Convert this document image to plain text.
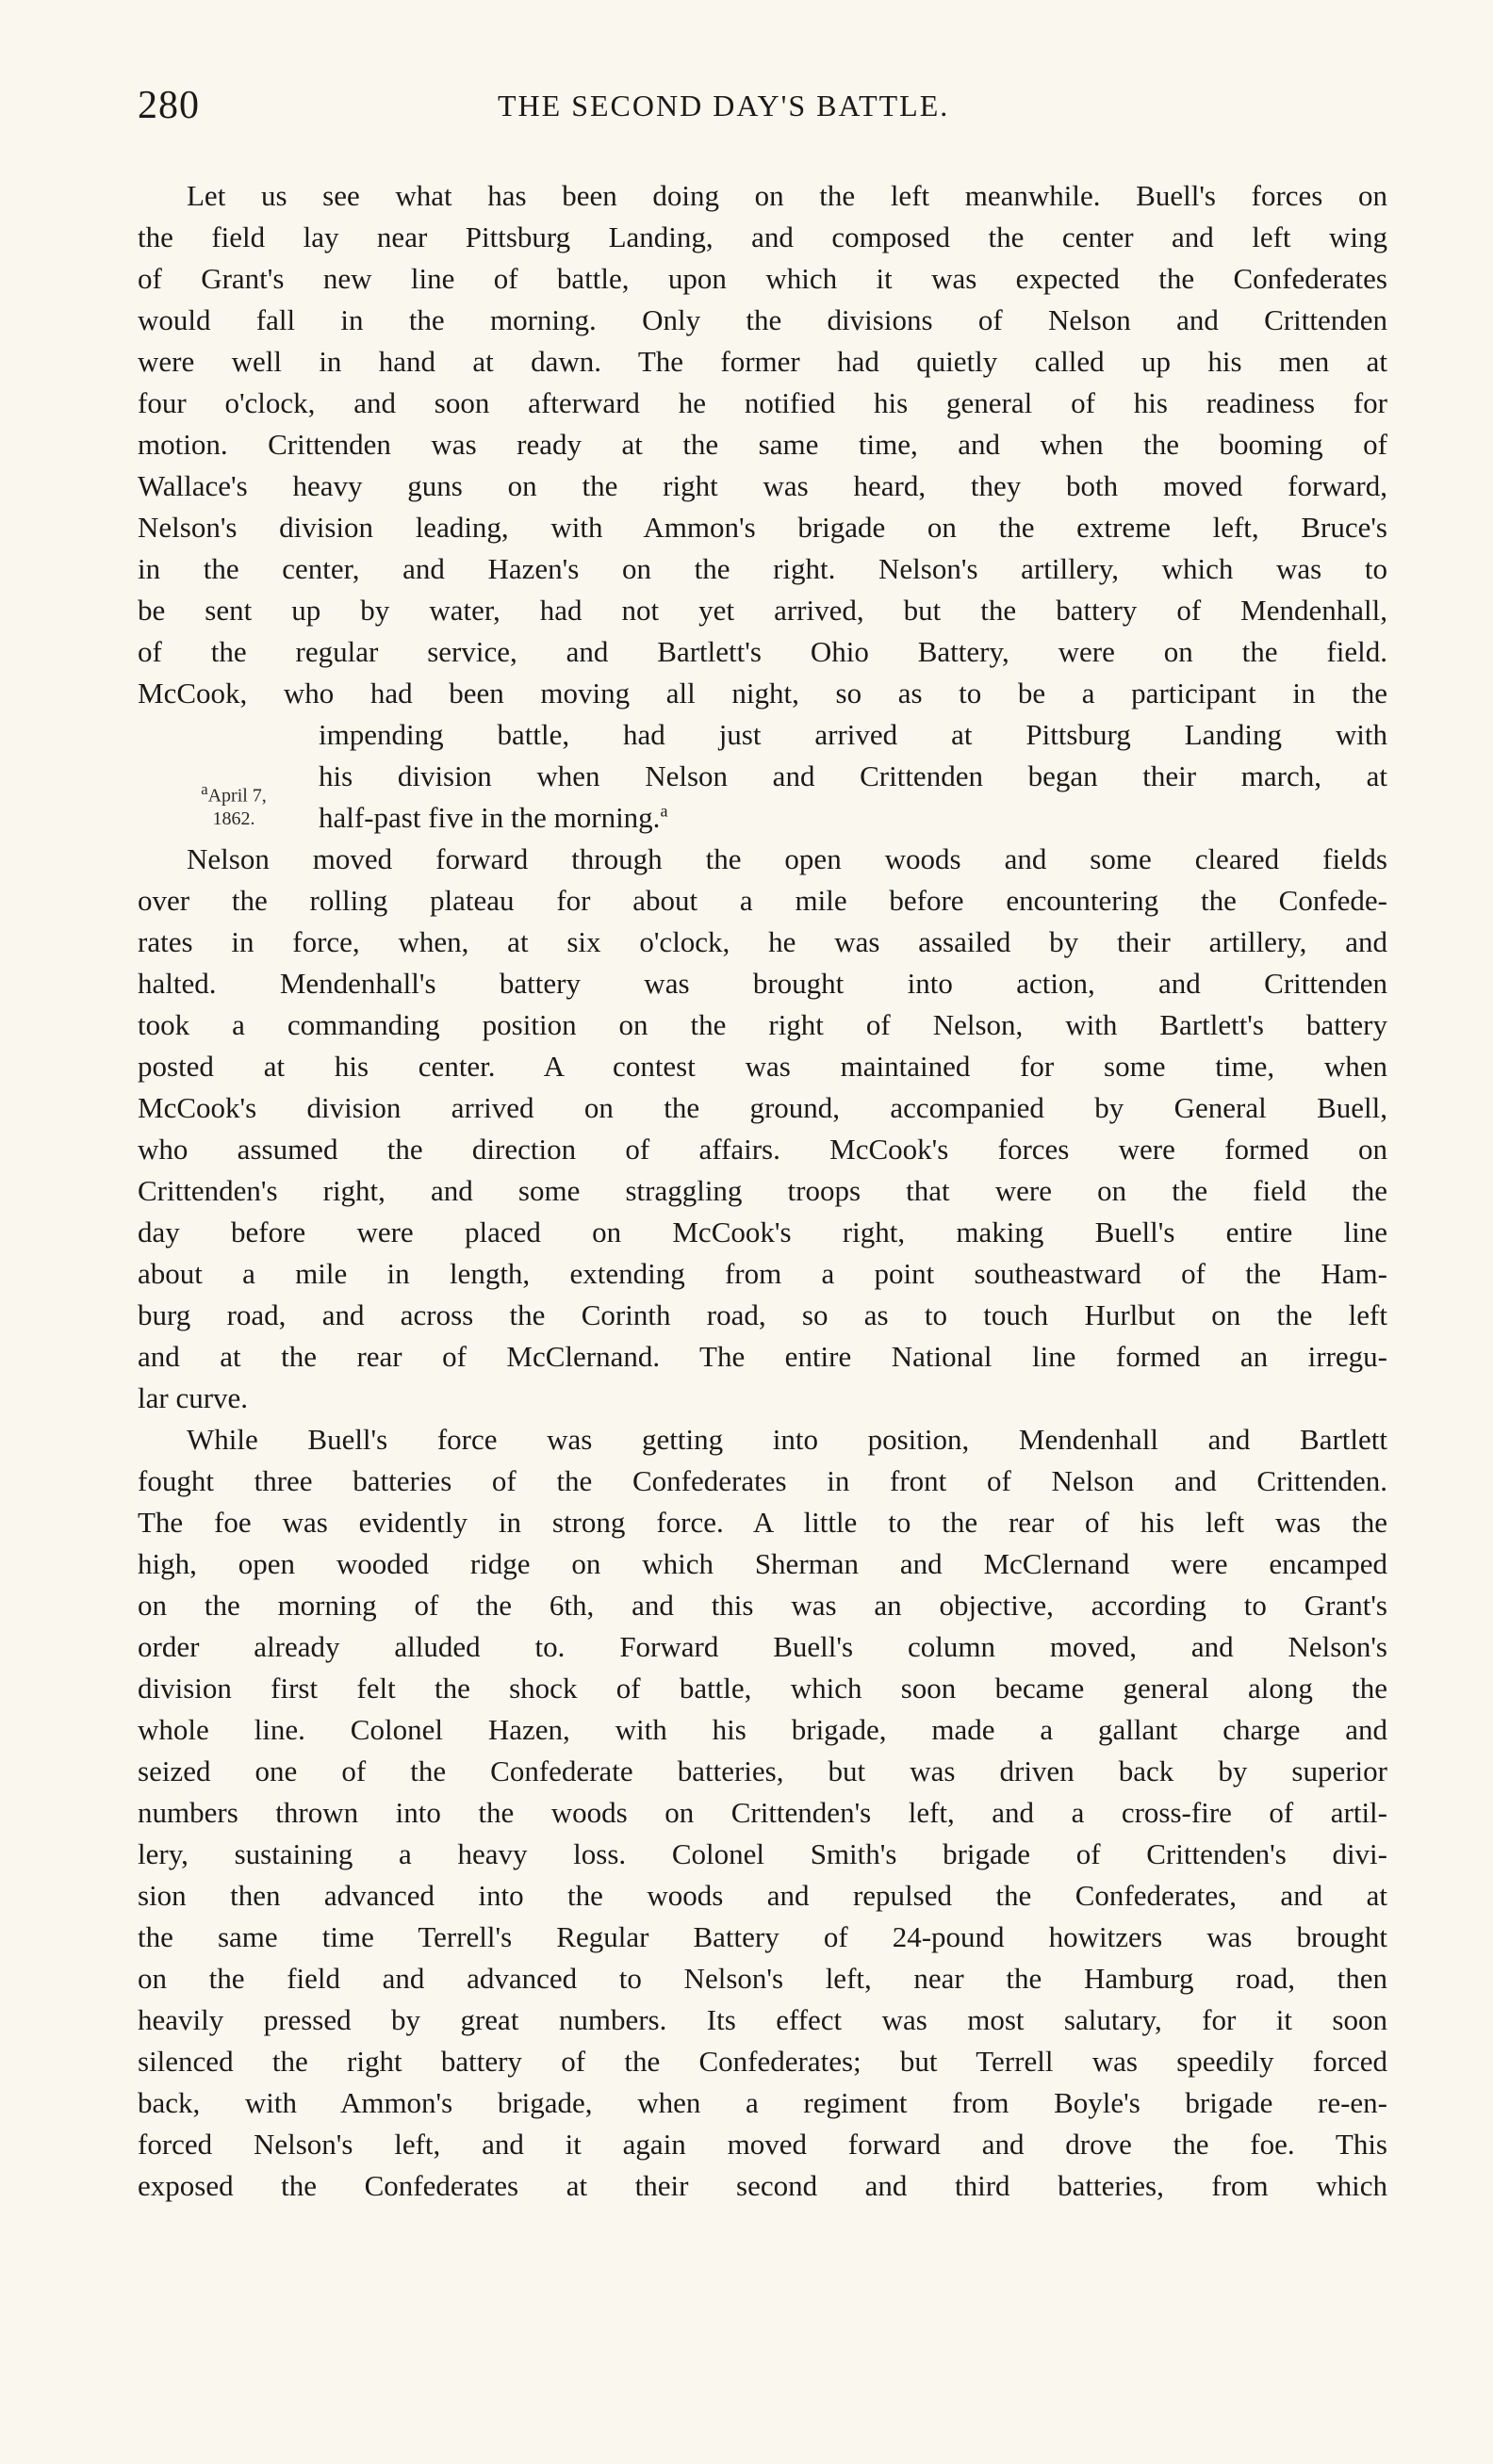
280	THE SECOND DAY'S BATTLE.
$^a$April 7,
1862.
Let us see what has been doing on the left meanwhile. Buell's forces on
the field lay near Pittsburg Landing, and composed the center and left wing
of Grant's new line of battle, upon which it was expected the Confederates
would fall in the morning. Only the divisions of Nelson and Crittenden
were well in hand at dawn. The former had quietly called up his men at
four o'clock, and soon afterward he notified his general of his readiness for
motion. Crittenden was ready at the same time, and when the booming of
Wallace's heavy guns on the right was heard, they both moved forward,
Nelson's division leading, with Ammon's brigade on the extreme left, Bruce's
in the center, and Hazen's on the right. Nelson's artillery, which was to
be sent up by water, had not yet arrived, but the battery of Mendenhall,
of the regular service, and Bartlett's Ohio Battery, were on the field.
McCook, who had been moving all night, so as to be a participant in the
impending battle, had just arrived at Pittsburg Landing with
his division when Nelson and Crittenden began their march, at
half-past five in the morning.$^a$
Nelson moved forward through the open woods and some cleared fields
over the rolling plateau for about a mile before encountering the Confede-
rates in force, when, at six o'clock, he was assailed by their artillery, and
halted. Mendenhall's battery was brought into action, and Crittenden
took a commanding position on the right of Nelson, with Bartlett's battery
posted at his center. A contest was maintained for some time, when
McCook's division arrived on the ground, accompanied by General Buell,
who assumed the direction of affairs. McCook's forces were formed on
Crittenden's right, and some straggling troops that were on the field the
day before were placed on McCook's right, making Buell's entire line
about a mile in length, extending from a point southeastward of the Ham-
burg road, and across the Corinth road, so as to touch Hurlbut on the left
and at the rear of McClernand. The entire National line formed an irregu-
lar curve.
While Buell's force was getting into position, Mendenhall and Bartlett
fought three batteries of the Confederates in front of Nelson and Crittenden.
The foe was evidently in strong force. A little to the rear of his left was the
high, open wooded ridge on which Sherman and McClernand were encamped
on the morning of the 6th, and this was an objective, according to Grant's
order already alluded to. Forward Buell's column moved, and Nelson's
division first felt the shock of battle, which soon became general along the
whole line. Colonel Hazen, with his brigade, made a gallant charge and
seized one of the Confederate batteries, but was driven back by superior
numbers thrown into the woods on Crittenden's left, and a cross-fire of artil-
lery, sustaining a heavy loss. Colonel Smith's brigade of Crittenden's divi-
sion then advanced into the woods and repulsed the Confederates, and at
the same time Terrell's Regular Battery of 24-pound howitzers was brought
on the field and advanced to Nelson's left, near the Hamburg road, then
heavily pressed by great numbers. Its effect was most salutary, for it soon
silenced the right battery of the Confederates; but Terrell was speedily forced
back, with Ammon's brigade, when a regiment from Boyle's brigade re-en-
forced Nelson's left, and it again moved forward and drove the foe. This
exposed the Confederates at their second and third batteries, from which
